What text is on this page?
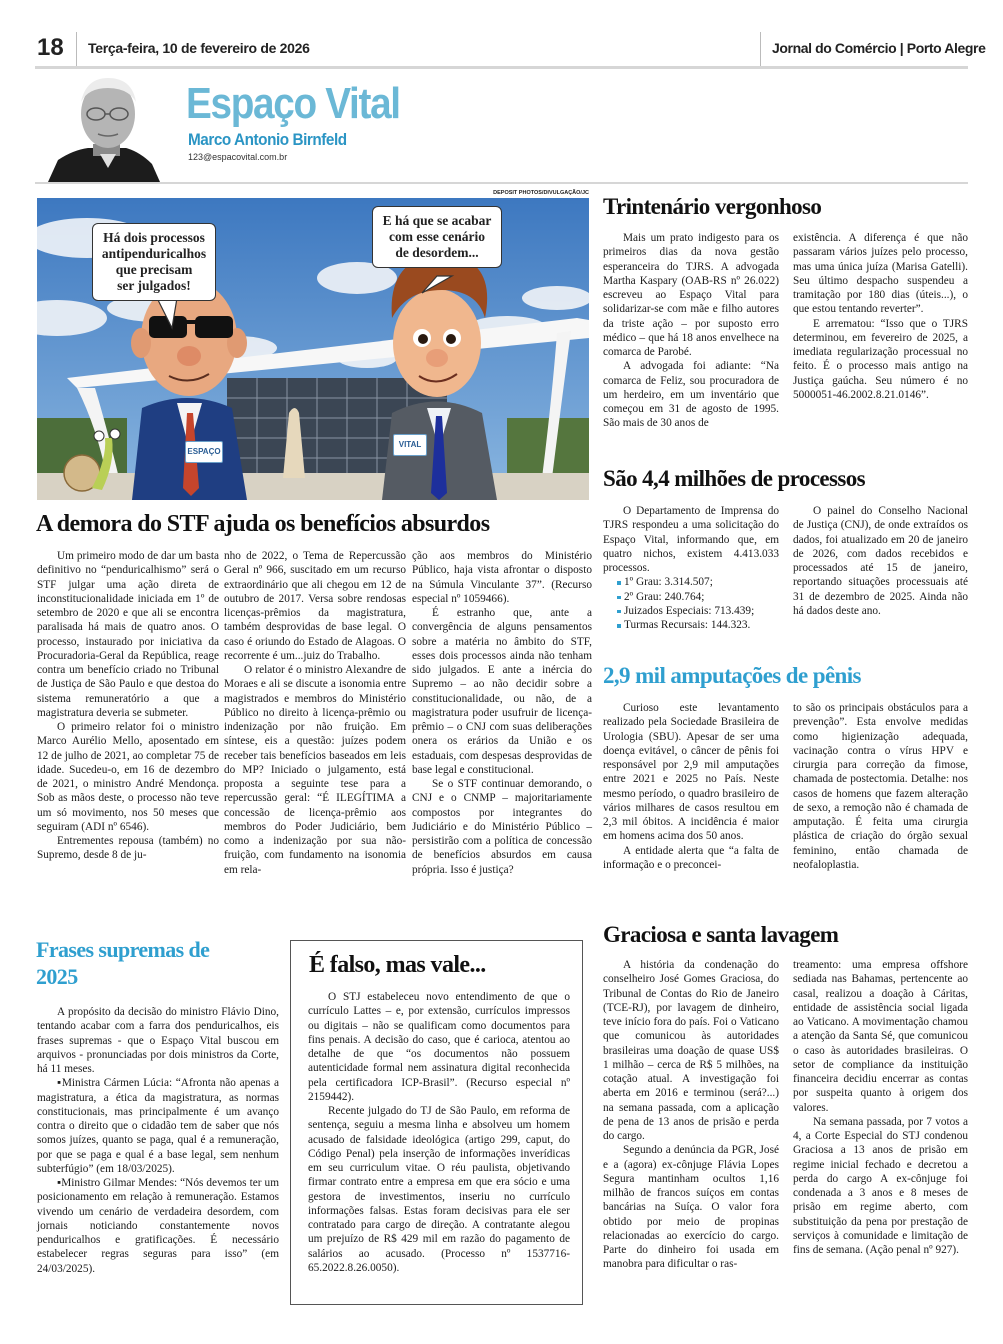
18 Terça-feira, 10 de fevereiro de 2026	Jornal do Comércio | Porto Alegre
Espaço Vital
Marco Antonio Birnfeld
123@espacovital.com.br
DEPOSIT PHOTOS/DIVULGAÇÃO/JC
Há dois processos
antipenduricalhos
que precisam
ser julgados!
E há que se acabar
com esse cenário
de desordem...
ESPAÇO
VITAL
A demora do STF ajuda os benefícios absurdos

Um primeiro modo de dar um basta definitivo no “penduricalhismo” será o STF julgar uma ação direta de inconstitucionalidade iniciada em 1º de setembro de 2020 e que ali se encontra paralisada há mais de quatro anos. O processo, instaurado por iniciativa da Procuradoria-Geral da República, reage contra um benefício criado no Tribunal de Justiça de São Paulo e que destoa do sistema remuneratório a que a magistratura deveria se submeter.

O primeiro relator foi o ministro Marco Aurélio Mello, aposentado em 12 de julho de 2021, ao completar 75 de idade. Sucedeu-o, em 16 de dezembro de 2021, o ministro André Mendonça. Sob as mãos deste, o processo não teve um só movimento, nos 50 meses que seguiram (ADI nº 6546).

Entrementes repousa (também) no Supremo, desde 8 de ju-

nho de 2022, o Tema de Repercussão Geral nº 966, suscitado em um recurso extraordinário que ali chegou em 12 de outubro de 2017. Versa sobre rendosas licenças-prêmios da magistratura, também desprovidas de base legal. O caso é oriundo do Estado de Alagoas. O recorrente é um...juiz do Trabalho.

O relator é o ministro Alexandre de Moraes e ali se discute a isonomia entre magistrados e membros do Ministério Público no direito à licença-prêmio ou indenização por não fruição. Em síntese, eis a questão: juízes podem receber tais benefícios baseados em leis do MP? Iniciado o julgamento, está proposta a seguinte tese para a repercussão geral: “É ILEGÍTIMA a concessão de licença-prêmio aos membros do Poder Judiciário, bem como a indenização por sua não-fruição, com fundamento na isonomia em rela-

ção aos membros do Ministério Público, haja vista afrontar o disposto na Súmula Vinculante 37”. (Recurso especial nº 1059466).

É estranho que, ante a convergência de alguns pensamentos sobre a matéria no âmbito do STF, esses dois processos ainda não tenham sido julgados. E ante a inércia do Supremo – ao não decidir sobre a constitucionalidade, ou não, de a magistratura poder usufruir de licença-prêmio – o CNJ com suas deliberações onera os erários da União e os estaduais, com despesas desprovidas de base legal e constitucional.

Se o STF continuar demorando, o CNJ e o CNMP – majoritariamente compostos por integrantes do Judiciário e do Ministério Público – persistirão com a política de concessão de benefícios absurdos em causa própria. Isso é justiça?

Trintenário vergonhoso

Mais um prato indigesto para os primeiros dias da nova gestão esperanceira do TJRS. A advogada Martha Kaspary (OAB-RS nº 26.022) escreveu ao Espaço Vital para solidarizar-se com mãe e filho autores da triste ação – por suposto erro médico – que há 18 anos envelhece na comarca de Parobé.

A advogada foi adiante: “Na comarca de Feliz, sou procuradora de um herdeiro, em um inventário que começou em 31 de agosto de 1995. São mais de 30 anos de

existência. A diferença é que não passaram vários juízes pelo processo, mas uma única juíza (Marisa Gatelli). Seu último despacho suspendeu a tramitação por 180 dias (úteis...), o que estou tentando reverter”.

E arrematou: “Isso que o TJRS determinou, em fevereiro de 2025, a imediata regularização processual no feito. É o processo mais antigo na Justiça gaúcha. Seu número é no 5000051-46.2002.8.21.0146”.

São 4,4 milhões de processos

O Departamento de Imprensa do TJRS respondeu a uma solicitação do Espaço Vital, informando que, em quatro nichos, existem 4.413.033 processos.

1º Grau: 3.314.507;
2º Grau: 240.764;
Juizados Especiais: 713.439;
Turmas Recursais: 144.323.

O painel do Conselho Nacional de Justiça (CNJ), de onde extraídos os dados, foi atualizado em 20 de janeiro de 2026, com dados recebidos e processados até 15 de janeiro, reportando situações processuais até 31 de dezembro de 2025. Ainda não há dados deste ano.

2,9 mil amputações de pênis

Curioso este levantamento realizado pela Sociedade Brasileira de Urologia (SBU). Apesar de ser uma doença evitável, o câncer de pênis foi responsável por 2,9 mil amputações entre 2021 e 2025 no País. Neste mesmo período, o quadro brasileiro de vários milhares de casos resultou em 2,3 mil óbitos. A incidência é maior em homens acima dos 50 anos.

A entidade alerta que “a falta de informação e o preconcei-

to são os principais obstáculos para a prevenção”. Esta envolve medidas como higienização adequada, vacinação contra o vírus HPV e cirurgia para correção da fimose, chamada de postectomia. Detalhe: nos casos de homens que fazem alteração de sexo, a remoção não é chamada de amputação. É feita uma cirurgia plástica de criação do órgão sexual feminino, então chamada de neofaloplastia.

Frases supremas de 2025

A propósito da decisão do ministro Flávio Dino, tentando acabar com a farra dos penduricalhos, eis frases supremas - que o Espaço Vital buscou em arquivos - pronunciadas por dois ministros da Corte, há 11 meses.

▪Ministra Cármen Lúcia: “Afronta não apenas a magistratura, a ética da magistratura, as normas constitucionais, mas principalmente é um avanço contra o direito que o cidadão tem de saber que nós somos juízes, quanto se paga, qual é a remuneração, por que se paga e qual é a base legal, sem nenhum subterfúgio” (em 18/03/2025).

▪Ministro Gilmar Mendes: “Nós devemos ter um posicionamento em relação à remuneração. Estamos vivendo um cenário de verdadeira desordem, com jornais noticiando constantemente novos penduricalhos e gratificações. É necessário estabelecer regras seguras para isso” (em 24/03/2025).

É falso, mas vale...

O STJ estabeleceu novo entendimento de que o currículo Lattes – e, por extensão, currículos impressos ou digitais – não se qualificam como documentos para fins penais. A decisão do caso, que é carioca, atentou ao detalhe de que “os documentos não possuem autenticidade formal nem assinatura digital reconhecida pela certificadora ICP-Brasil”. (Recurso especial nº 2159442).

Recente julgado do TJ de São Paulo, em reforma de sentença, seguiu a mesma linha e absolveu um homem acusado de falsidade ideológica (artigo 299, caput, do Código Penal) pela inserção de informações inverídicas em seu curriculum vitae. O réu paulista, objetivando firmar contrato entre a empresa em que era sócio e uma gestora de investimentos, inseriu no currículo informações falsas. Estas foram decisivas para ele ser contratado para cargo de direção. A contratante alegou um prejuízo de R$ 429 mil em razão do pagamento de salários ao acusado. (Processo nº 1537716-65.2022.8.26.0050).

Graciosa e santa lavagem

A história da condenação do conselheiro José Gomes Graciosa, do Tribunal de Contas do Rio de Janeiro (TCE-RJ), por lavagem de dinheiro, teve início fora do país. Foi o Vaticano que comunicou às autoridades brasileiras uma doação de quase US$ 1 milhão – cerca de R$ 5 milhões, na cotação atual. A investigação foi aberta em 2016 e terminou (será?...) na semana passada, com a aplicação de pena de 13 anos de prisão e perda do cargo.

Segundo a denúncia da PGR, José e a (agora) ex-cônjuge Flávia Lopes Segura mantinham ocultos 1,16 milhão de francos suíços em contas bancárias na Suíça. O valor fora obtido por meio de propinas relacionadas ao exercício do cargo. Parte do dinheiro foi usada em manobra para dificultar o ras-

treamento: uma empresa offshore sediada nas Bahamas, pertencente ao casal, realizou a doação à Cáritas, entidade de assistência social ligada ao Vaticano. A movimentação chamou a atenção da Santa Sé, que comunicou o caso às autoridades brasileiras. O setor de compliance da instituição financeira decidiu encerrar as contas por suspeita quanto à origem dos valores.

Na semana passada, por 7 votos a 4, a Corte Especial do STJ condenou Graciosa a 13 anos de prisão em regime inicial fechado e decretou a perda do cargo A ex-cônjuge foi condenada a 3 anos e 8 meses de prisão em regime aberto, com substituição da pena por prestação de serviços à comunidade e limitação de fins de semana. (Ação penal nº 927).
